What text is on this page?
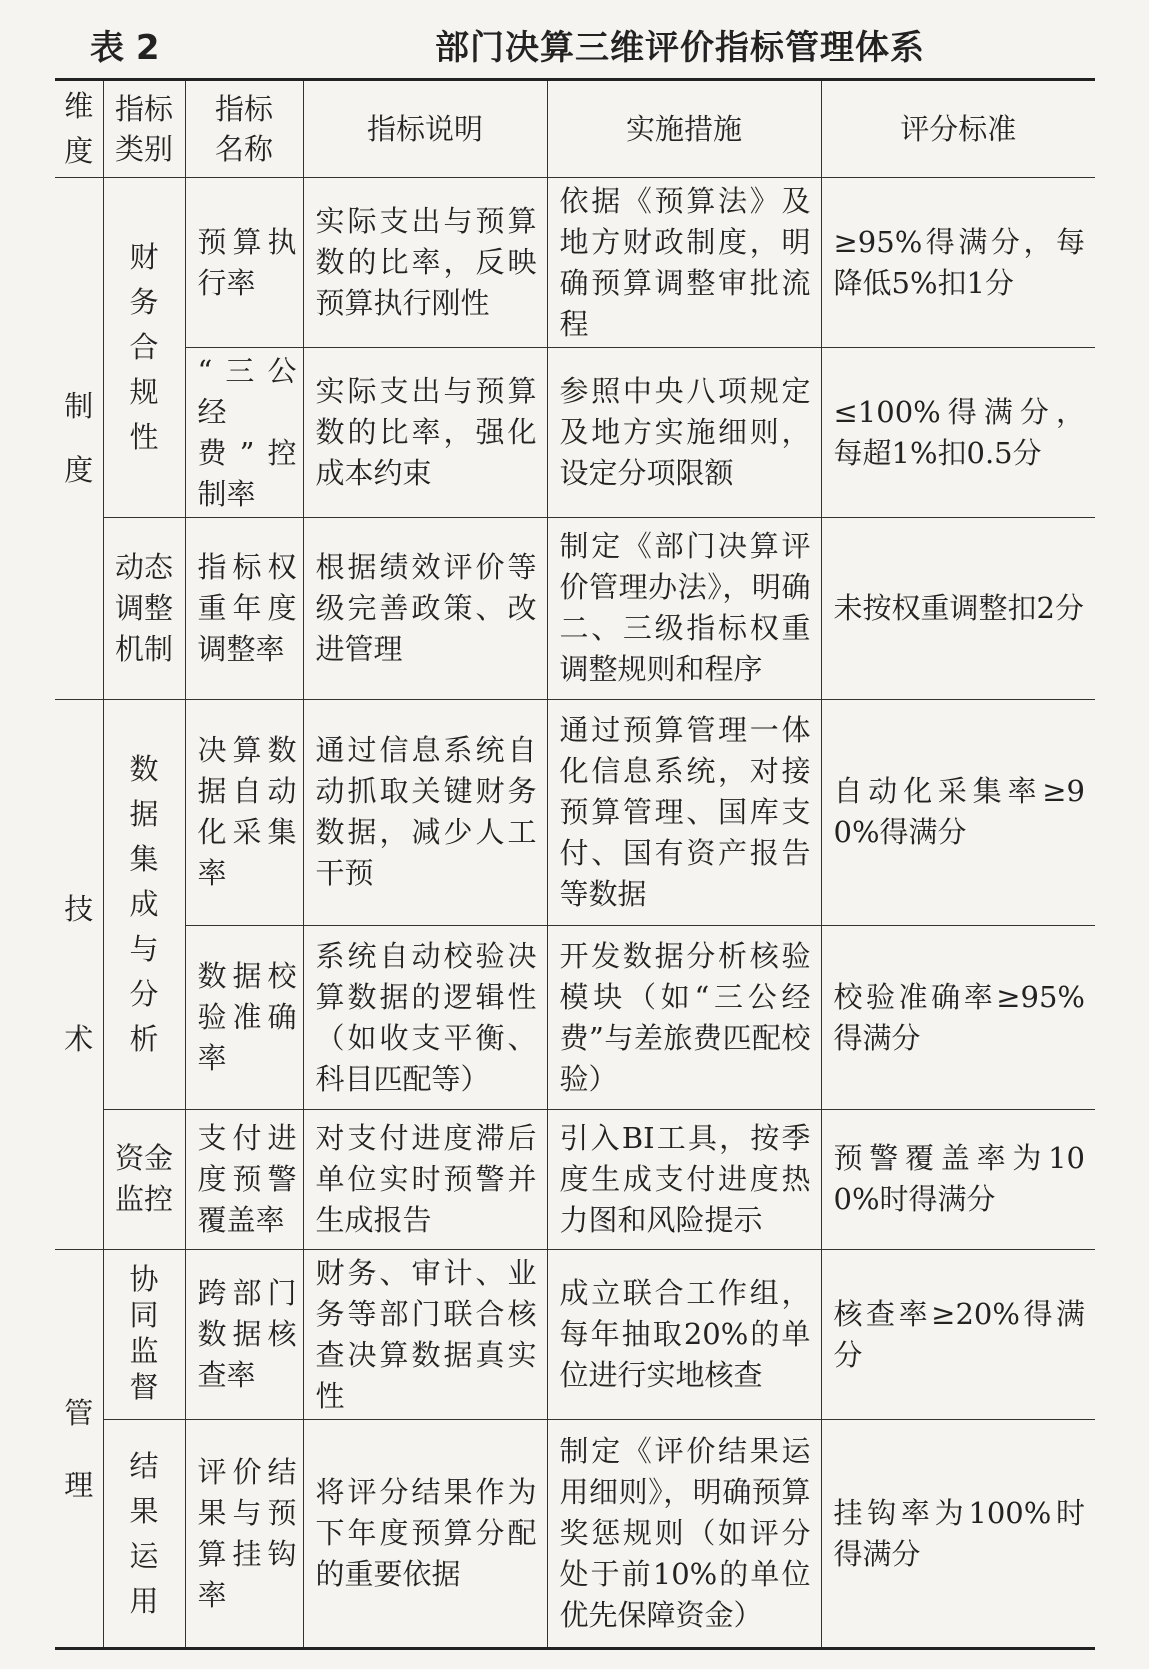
表 2	部门决算三维评价指标管理体系
维度	指标类别	指标名称	指标说明	实施措施	评分标准
制度	财务合规性	预算执行率	实际支出与预算数的比率，反映预算执行刚性	依据《预算法》及地方财政制度，明确预算调整审批流程	≥95%得满分，每降低5%扣1分
		“三公经费”控制率	实际支出与预算数的比率，强化成本约束	参照中央八项规定及地方实施细则，设定分项限额	≤100%得满分，每超1%扣0.5分
	动态调整机制	指标权重年度调整率	根据绩效评价等级完善政策、改进管理	制定《部门决算评价管理办法》，明确二、三级指标权重调整规则和程序	未按权重调整扣2分
技术	数据集成与分析	决算数据自动化采集率	通过信息系统自动抓取关键财务数据，减少人工干预	通过预算管理一体化信息系统，对接预算管理、国库支付、国有资产报告等数据	自动化采集率≥90%得满分
		数据校验准确率	系统自动校验决算数据的逻辑性（如收支平衡、科目匹配等）	开发数据分析核验模块（如“三公经费”与差旅费匹配校验）	校验准确率≥95%得满分
	资金监控	支付进度预警覆盖率	对支付进度滞后单位实时预警并生成报告	引入BI工具，按季度生成支付进度热力图和风险提示	预警覆盖率为100%时得满分
管理	协同监督	跨部门数据核查率	财务、审计、业务等部门联合核查决算数据真实性	成立联合工作组，每年抽取20%的单位进行实地核查	核查率≥20%得满分
	结果运用	评价结果与预算挂钩率	将评分结果作为下年度预算分配的重要依据	制定《评价结果运用细则》，明确预算奖惩规则（如评分处于前10%的单位优先保障资金）	挂钩率为100%时得满分
